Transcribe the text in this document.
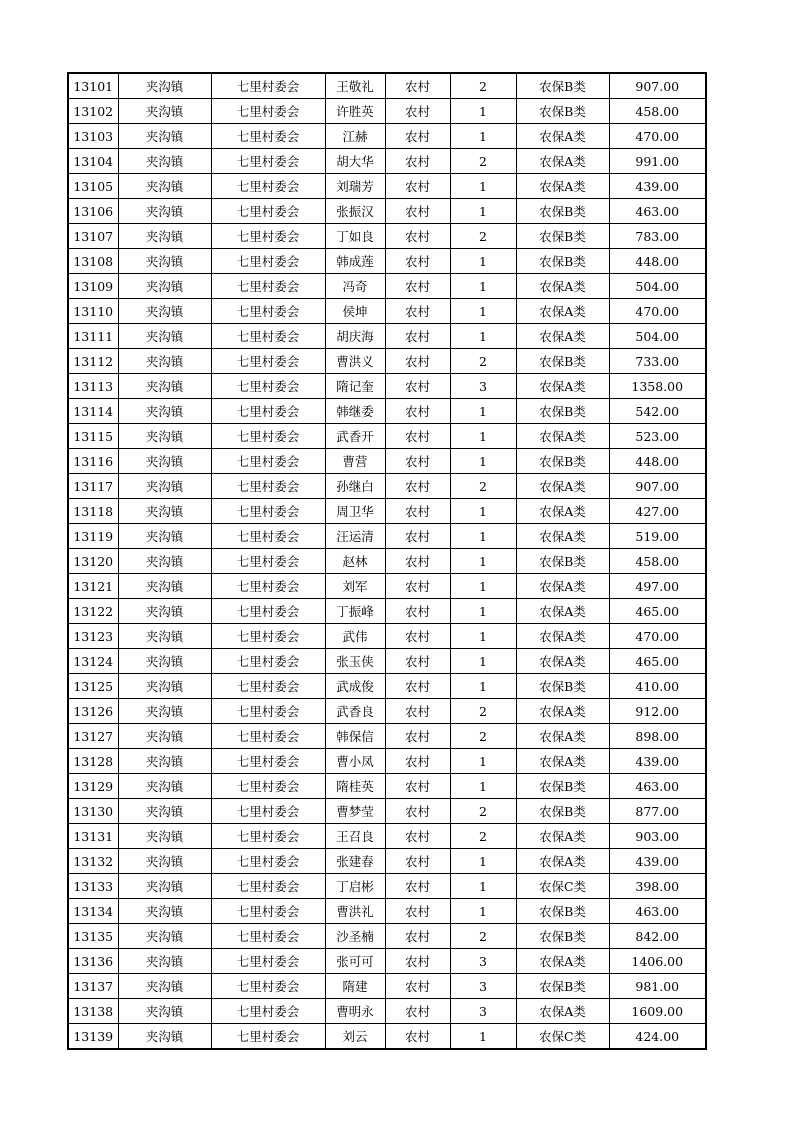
13101	夹沟镇	七里村委会	王敬礼	农村	2	农保B类	907.00
13102	夹沟镇	七里村委会	许胜英	农村	1	农保B类	458.00
13103	夹沟镇	七里村委会	江赫	农村	1	农保A类	470.00
13104	夹沟镇	七里村委会	胡大华	农村	2	农保A类	991.00
13105	夹沟镇	七里村委会	刘瑞芳	农村	1	农保A类	439.00
13106	夹沟镇	七里村委会	张振汉	农村	1	农保B类	463.00
13107	夹沟镇	七里村委会	丁如良	农村	2	农保B类	783.00
13108	夹沟镇	七里村委会	韩成莲	农村	1	农保B类	448.00
13109	夹沟镇	七里村委会	冯奇	农村	1	农保A类	504.00
13110	夹沟镇	七里村委会	侯坤	农村	1	农保A类	470.00
13111	夹沟镇	七里村委会	胡庆海	农村	1	农保A类	504.00
13112	夹沟镇	七里村委会	曹洪义	农村	2	农保B类	733.00
13113	夹沟镇	七里村委会	隋记奎	农村	3	农保A类	1358.00
13114	夹沟镇	七里村委会	韩继委	农村	1	农保B类	542.00
13115	夹沟镇	七里村委会	武香开	农村	1	农保A类	523.00
13116	夹沟镇	七里村委会	曹营	农村	1	农保B类	448.00
13117	夹沟镇	七里村委会	孙继白	农村	2	农保A类	907.00
13118	夹沟镇	七里村委会	周卫华	农村	1	农保A类	427.00
13119	夹沟镇	七里村委会	汪运清	农村	1	农保A类	519.00
13120	夹沟镇	七里村委会	赵林	农村	1	农保B类	458.00
13121	夹沟镇	七里村委会	刘军	农村	1	农保A类	497.00
13122	夹沟镇	七里村委会	丁振峰	农村	1	农保A类	465.00
13123	夹沟镇	七里村委会	武伟	农村	1	农保A类	470.00
13124	夹沟镇	七里村委会	张玉侠	农村	1	农保A类	465.00
13125	夹沟镇	七里村委会	武成俊	农村	1	农保B类	410.00
13126	夹沟镇	七里村委会	武香良	农村	2	农保A类	912.00
13127	夹沟镇	七里村委会	韩保信	农村	2	农保A类	898.00
13128	夹沟镇	七里村委会	曹小凤	农村	1	农保A类	439.00
13129	夹沟镇	七里村委会	隋桂英	农村	1	农保B类	463.00
13130	夹沟镇	七里村委会	曹梦莹	农村	2	农保B类	877.00
13131	夹沟镇	七里村委会	王召良	农村	2	农保A类	903.00
13132	夹沟镇	七里村委会	张建春	农村	1	农保A类	439.00
13133	夹沟镇	七里村委会	丁启彬	农村	1	农保C类	398.00
13134	夹沟镇	七里村委会	曹洪礼	农村	1	农保B类	463.00
13135	夹沟镇	七里村委会	沙圣楠	农村	2	农保B类	842.00
13136	夹沟镇	七里村委会	张可可	农村	3	农保A类	1406.00
13137	夹沟镇	七里村委会	隋建	农村	3	农保B类	981.00
13138	夹沟镇	七里村委会	曹明永	农村	3	农保A类	1609.00
13139	夹沟镇	七里村委会	刘云	农村	1	农保C类	424.00
